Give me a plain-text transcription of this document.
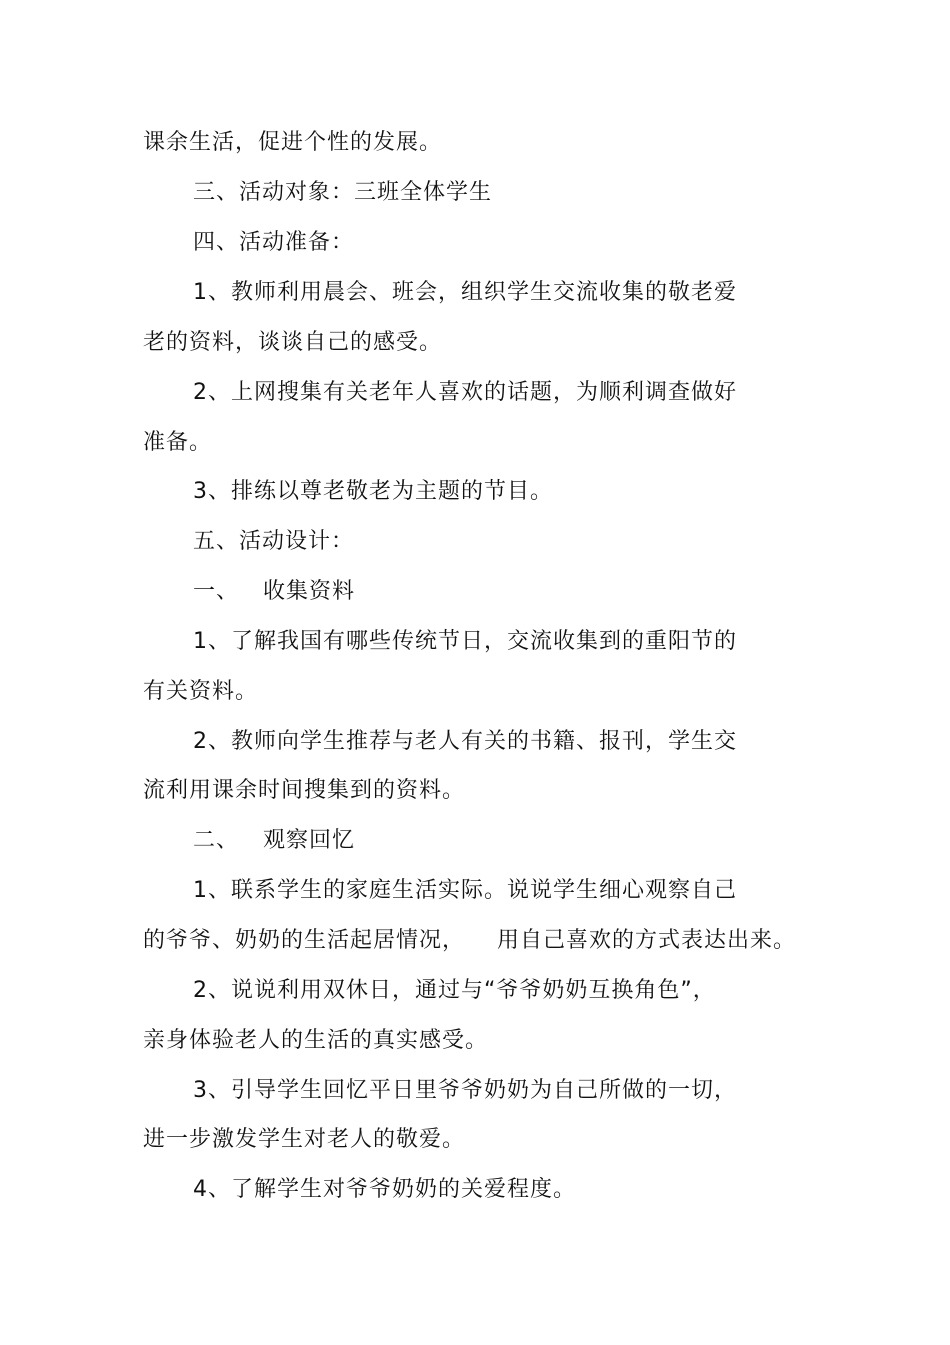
课余生活，促进个性的发展。
三、活动对象：三班全体学生
四、活动准备：
1、教师利用晨会、班会，组织学生交流收集的敬老爱
老的资料，谈谈自己的感受。
2、上网搜集有关老年人喜欢的话题，为顺利调查做好
准备。
3、排练以尊老敬老为主题的节目。
五、活动设计：
一、   收集资料
1、了解我国有哪些传统节日，交流收集到的重阳节的
有关资料。
2、教师向学生推荐与老人有关的书籍、报刊，学生交
流利用课余时间搜集到的资料。
二、   观察回忆
1、联系学生的家庭生活实际。说说学生细心观察自己
的爷爷、奶奶的生活起居情况，    用自己喜欢的方式表达出来。
2、说说利用双休日，通过与“爷爷奶奶互换角色”，
亲身体验老人的生活的真实感受。
3、引导学生回忆平日里爷爷奶奶为自己所做的一切，
进一步激发学生对老人的敬爱。
4、了解学生对爷爷奶奶的关爱程度。
